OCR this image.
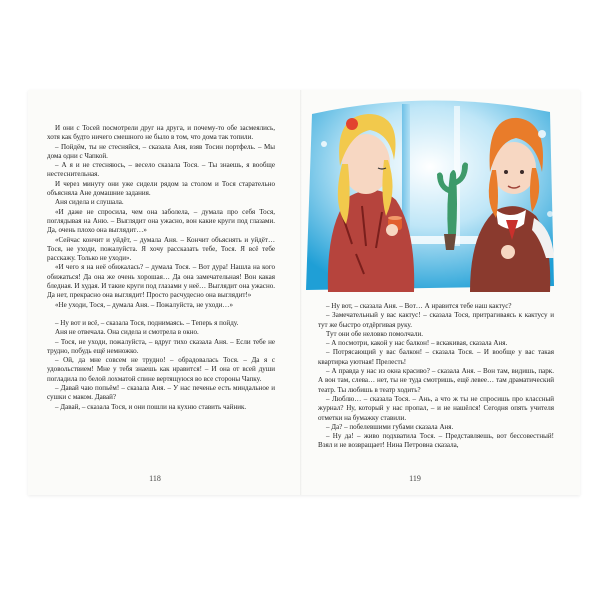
И они с Тосей посмотрели друг на друга, и почему-то обе засмеялись, хотя как будто ничего смешного не было в том, что дома так топили.

– Пойдём, ты не стесняйся, – сказала Аня, взяв Тосин портфель. – Мы дома одни с Чапкой.

– А я и не стесняюсь, – весело сказала Тося. – Ты знаешь, я вообще нестеснительная.

И через минуту они уже сидели рядом за столом и Тося старательно объясняла Ане домашние задания.

Аня сидела и слушала.

«И даже не спросила, чем она заболела, – думала про себя Тося, поглядывая на Аню. – Выглядит она ужасно, вон какие круги под глазами. Да, очень плохо она выглядит…»

«Сейчас кончит и уйдёт, – думала Аня. – Кончит объяснять и уйдёт… Тося, не уходи, пожалуйста. Я хочу рассказать тебе, Тося. Я всё тебе расскажу. Только не уходи».

«И чего я на неё обижалась? – думала Тося. – Вот дура! Нашла на кого обижаться! Да она же очень хорошая… Да она замечательная! Вон какая бледная. И худая. И такие круги под глазами у неё… Выглядит она ужасно. Да нет, прекрасно она выглядит! Просто расчудесно она выглядит!»

«Не уходи, Тося, – думала Аня. – Пожалуйста, не уходи…»

– Ну вот и всё, – сказала Тося, поднимаясь. – Теперь я пойду.

Аня не отвечала. Она сидела и смотрела в окно.

– Тося, не уходи, пожалуйста, – вдруг тихо сказала Аня. – Если тебе не трудно, побудь ещё немножко.

– Ой, да мне совсем не трудно! – обрадовалась Тося. – Да я с удовольствием! Мне у тебя знаешь как нравится! – И она от всей души погладила по белой лохматой спине вертящуюся во все стороны Чапку.

– Давай чаю попьём! – сказала Аня. – У нас печенье есть миндальное и сушки с маком. Давай?

– Давай, – сказала Тося, и они пошли на кухню ставить чайник.

118

– Ну вот, – сказала Аня. – Вот… А нравится тебе наш кактус?

– Замечательный у вас кактус! – сказала Тося, притрагиваясь к кактусу и тут же быстро отдёргивая руку.

Тут они обе неловко помолчали.

– А посмотри, какой у нас балкон! – вскакивая, сказала Аня.

– Потрясающий у вас балкон! – сказала Тося. – И вообще у вас такая квартирка уютная! Прелесть!

– А правда у нас из окна красиво? – сказала Аня. – Вон там, видишь, парк. А вон там, слева… нет, ты не туда смотришь, ещё левее… там драматический театр. Ты любишь в театр ходить?

– Люблю… – сказала Тося. – Ань, а что ж ты не спросишь про классный журнал? Ну, который у нас пропал, – и не нашёлся! Сегодня опять учителя отметки на бумажку ставили.

– Да? – побелевшими губами сказала Аня.

– Ну да! – живо подхватила Тося. – Представляешь, вот бессовестный! Взял и не возвращает! Нина Петровна сказала,

119
